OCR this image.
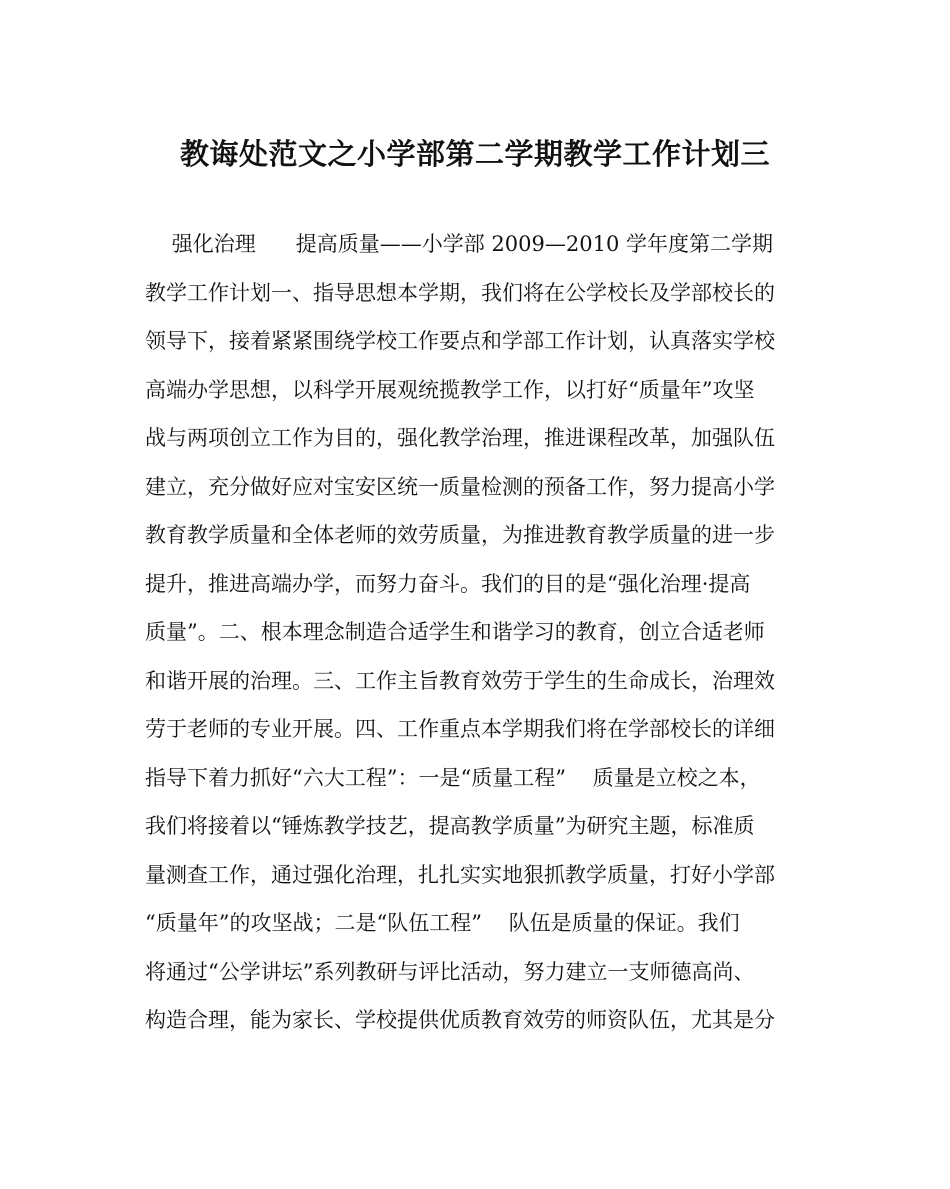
教诲处范文之小学部第二学期教学工作计划三
强化治理      提高质量——小学部 2009—2010 学年度第二学期
教学工作计划一、指导思想本学期，我们将在公学校长及学部校长的
领导下，接着紧紧围绕学校工作要点和学部工作计划，认真落实学校
高端办学思想，以科学开展观统揽教学工作，以打好“质量年”攻坚
战与两项创立工作为目的，强化教学治理，推进课程改革，加强队伍
建立，充分做好应对宝安区统一质量检测的预备工作，努力提高小学
教育教学质量和全体老师的效劳质量，为推进教育教学质量的进一步
提升，推进高端办学，而努力奋斗。我们的目的是“强化治理·提高
质量”。二、根本理念制造合适学生和谐学习的教育，创立合适老师
和谐开展的治理。三、工作主旨教育效劳于学生的生命成长，治理效
劳于老师的专业开展。四、工作重点本学期我们将在学部校长的详细
指导下着力抓好“六大工程”：一是“质量工程”    质量是立校之本，
我们将接着以“锤炼教学技艺，提高教学质量”为研究主题，标准质
量测查工作，通过强化治理，扎扎实实地狠抓教学质量，打好小学部
“质量年”的攻坚战；二是“队伍工程”    队伍是质量的保证。我们
将通过“公学讲坛”系列教研与评比活动，努力建立一支师德高尚、
构造合理，能为家长、学校提供优质教育效劳的师资队伍，尤其是分
